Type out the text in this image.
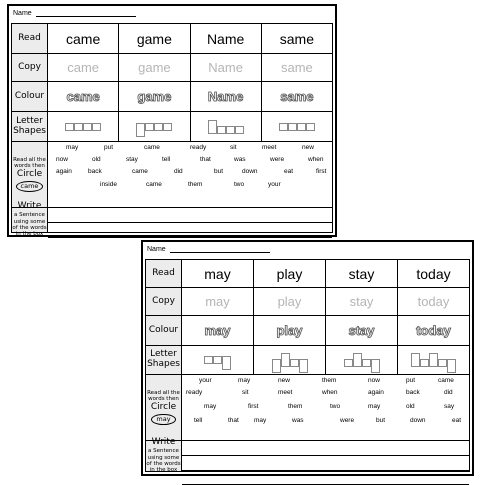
Name
Read	came	game	Name	same
Copy	came	game	Name	same
Colour	came	game	Name	same
Letter
Shapes
Read all the
words then
Circle
came
may	put	came	ready	sit	meet	new
now	old	stay	tell	that	was	were	when
again back	came	did	but	down	eat	first
inside	came	them	two	your
Write
a Sentence
using some
of the words
in the box
Name
Read	may	play	stay	today
Copy	may	play	stay	today
Colour	may	play	stay	today
Letter
Shapes
Read all the
words then
Circle
may
your	may	new	them	now	put	came
ready	sit	meet	when	again	back	did
may	first	them	two	may	old	say
tell	that may	was	were	but	down	eat
Write
a Sentence
using some
of the words
in the box
